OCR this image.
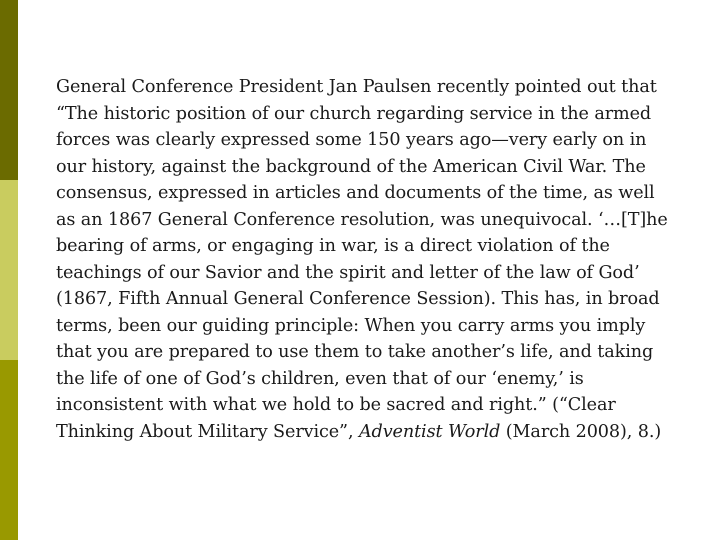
General Conference President Jan Paulsen recently pointed out that “The historic position of our church regarding service in the armed forces was clearly expressed some 150 years ago—very early on in our history, against the background of the American Civil War. The consensus, expressed in articles and documents of the time, as well as an 1867 General Conference resolution, was unequivocal. ‘…[T]he bearing of arms, or engaging in war, is a direct violation of the teachings of our Savior and the spirit and letter of the law of God’ (1867, Fifth Annual General Conference Session). This has, in broad terms, been our guiding principle: When you carry arms you imply that you are prepared to use them to take another’s life, and taking the life of one of God’s children, even that of our ‘enemy,’ is inconsistent with what we hold to be sacred and right.” (“Clear Thinking About Military Service”, Adventist World (March 2008), 8.)
